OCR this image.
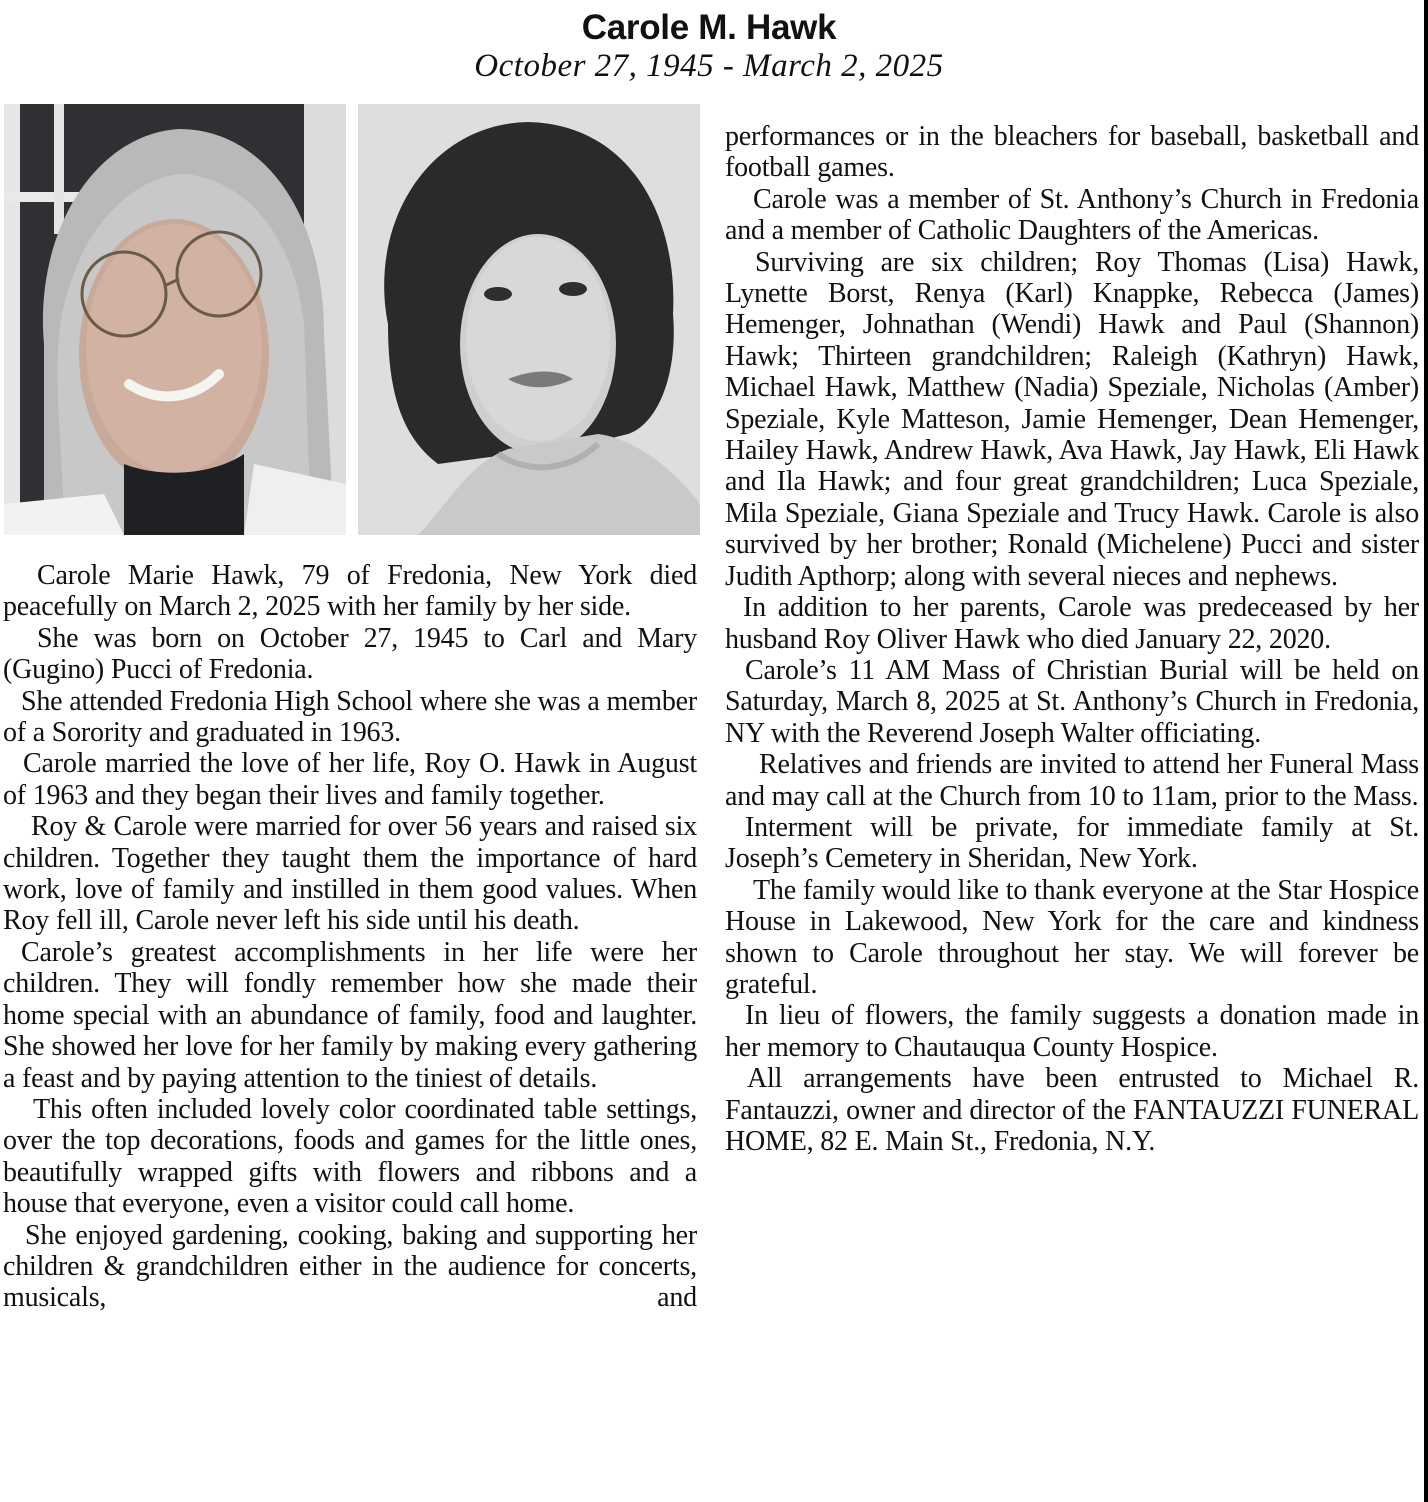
Carole M. Hawk
October 27, 1945 - March 2, 2025

Carole Marie Hawk, 79 of Fredonia, New York died peacefully on March 2, 2025 with her family by her side.

She was born on October 27, 1945 to Carl and Mary (Gugino) Pucci of Fredonia.

She attended Fredonia High School where she was a member of a Sorority and graduated in 1963.

Carole married the love of her life, Roy O. Hawk in August of 1963 and they began their lives and family together.

Roy & Carole were married for over 56 years and raised six children. Together they taught them the importance of hard work, love of family and instilled in them good values. When Roy fell ill, Carole never left his side until his death.

Carole’s greatest accomplishments in her life were her children. They will fondly remember how she made their home special with an abundance of family, food and laughter. She showed her love for her family by making every gathering a feast and by paying attention to the tiniest of details.

This often included lovely color coordinated table settings, over the top decorations, foods and games for the little ones, beautifully wrapped gifts with flowers and ribbons and a house that everyone, even a visitor could call home.

She enjoyed gardening, cooking, baking and supporting her children & grandchildren either in the audience for concerts, musicals, and

performances or in the bleachers for baseball, basketball and football games.

Carole was a member of St. Anthony’s Church in Fredonia and a member of Catholic Daughters of the Americas.

Surviving are six children; Roy Thomas (Lisa) Hawk, Lynette Borst, Renya (Karl) Knappke, Rebecca (James) Hemenger, Johnathan (Wendi) Hawk and Paul (Shannon) Hawk; Thirteen grandchildren; Raleigh (Kathryn) Hawk, Michael Hawk, Matthew (Nadia) Speziale, Nicholas (Amber) Speziale, Kyle Matteson, Jamie Hemenger, Dean Hemenger, Hailey Hawk, Andrew Hawk, Ava Hawk, Jay Hawk, Eli Hawk and Ila Hawk; and four great grandchildren; Luca Speziale, Mila Speziale, Giana Speziale and Trucy Hawk. Carole is also survived by her brother; Ronald (Michelene) Pucci and sister Judith Apthorp; along with several nieces and nephews.

In addition to her parents, Carole was predeceased by her husband Roy Oliver Hawk who died January 22, 2020.

Carole’s 11 AM Mass of Christian Burial will be held on Saturday, March 8, 2025 at St. Anthony’s Church in Fredonia, NY with the Reverend Joseph Walter officiating.

Relatives and friends are invited to attend her Funeral Mass and may call at the Church from 10 to 11am, prior to the Mass.

Interment will be private, for immediate family at St. Joseph’s Cemetery in Sheridan, New York.

The family would like to thank everyone at the Star Hospice House in Lakewood, New York for the care and kindness shown to Carole throughout her stay. We will forever be grateful.

In lieu of flowers, the family suggests a donation made in her memory to Chautauqua County Hospice.

All arrangements have been entrusted to Michael R. Fantauzzi, owner and director of the FANTAUZZI FUNERAL HOME, 82 E. Main St., Fredonia, N.Y.
